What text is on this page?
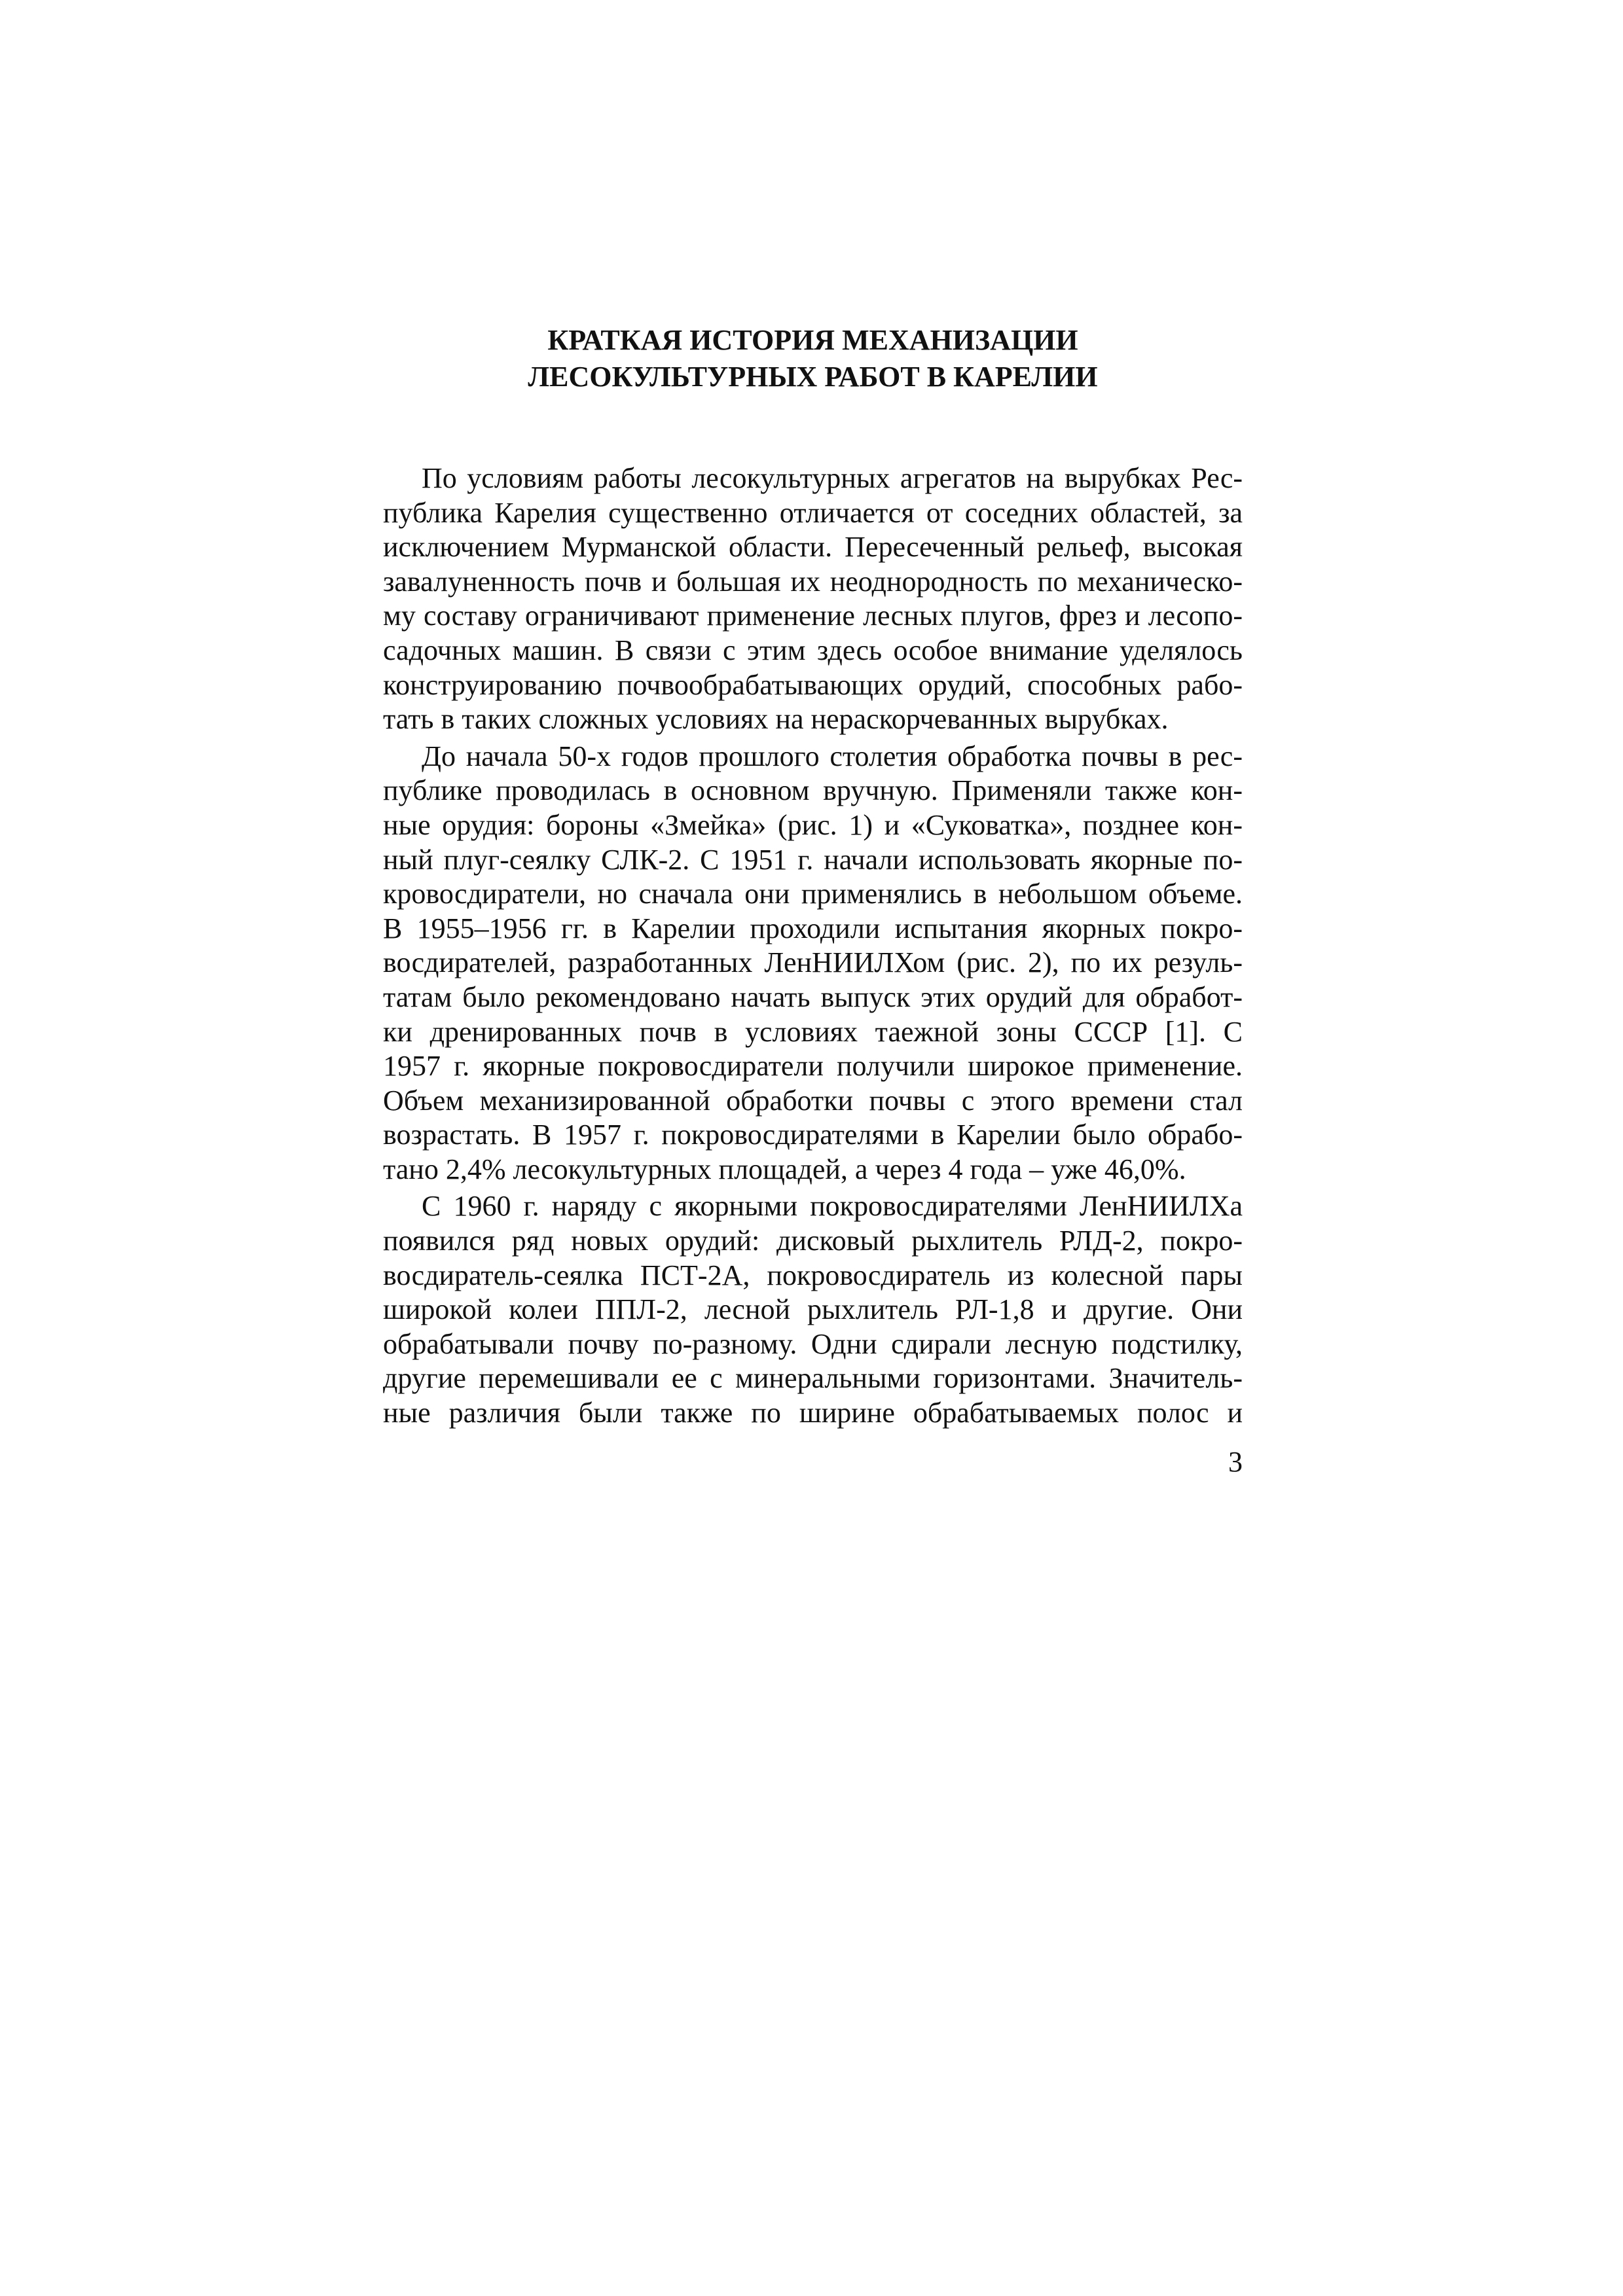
КРАТКАЯ ИСТОРИЯ МЕХАНИЗАЦИИ
ЛЕСОКУЛЬТУРНЫХ РАБОТ В КАРЕЛИИ
По условиям работы лесокультурных агрегатов на вырубках Рес-
публика Карелия существенно отличается от соседних областей, за
исключением Мурманской области. Пересеченный рельеф, высокая
завалуненность почв и большая их неоднородность по механическо-
му составу ограничивают применение лесных плугов, фрез и лесопо-
садочных машин. В связи с этим здесь особое внимание уделялось
конструированию почвообрабатывающих орудий, способных рабо-
тать в таких сложных условиях на нераскорчеванных вырубках.
До начала 50-х годов прошлого столетия обработка почвы в рес-
публике проводилась в основном вручную. Применяли также кон-
ные орудия: бороны «Змейка» (рис. 1) и «Суковатка», позднее кон-
ный плуг-сеялку СЛК-2. С 1951 г. начали использовать якорные по-
кровосдиратели, но сначала они применялись в небольшом объеме.
В 1955–1956 гг. в Карелии проходили испытания якорных покро-
восдирателей, разработанных ЛенНИИЛХом (рис. 2), по их резуль-
татам было рекомендовано начать выпуск этих орудий для обработ-
ки дренированных почв в условиях таежной зоны СССР [1]. С
1957 г. якорные покровосдиратели получили широкое применение.
Объем механизированной обработки почвы с этого времени стал
возрастать. В 1957 г. покровосдирателями в Карелии было обрабо-
тано 2,4% лесокультурных площадей, а через 4 года – уже 46,0%.
С 1960 г. наряду с якорными покровосдирателями ЛенНИИЛХа
появился ряд новых орудий: дисковый рыхлитель РЛД-2, покро-
восдиратель-сеялка ПСТ-2А, покровосдиратель из колесной пары
широкой колеи ППЛ-2, лесной рыхлитель РЛ-1,8 и другие. Они
обрабатывали почву по-разному. Одни сдирали лесную подстилку,
другие перемешивали ее с минеральными горизонтами. Значитель-
ные различия были также по ширине обрабатываемых полос и
3
